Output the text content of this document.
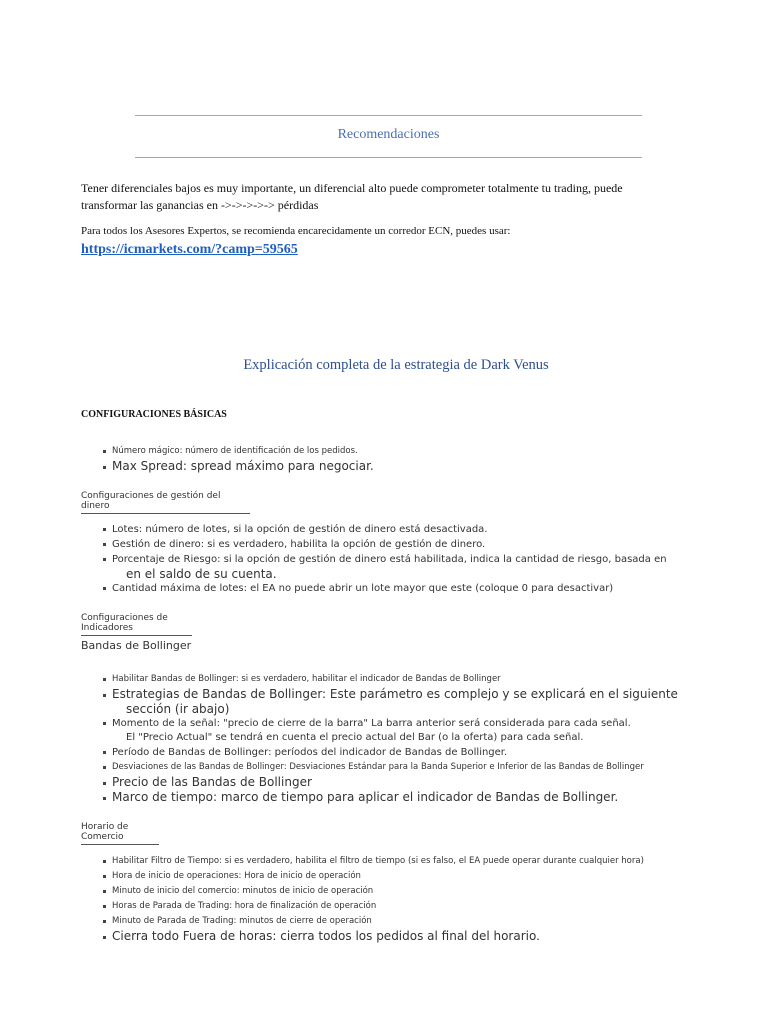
Recomendaciones
Tener diferenciales bajos es muy importante, un diferencial alto puede comprometer totalmente tu trading, puede transformar las ganancias en ->->->->-> pérdidas
Para todos los Asesores Expertos, se recomienda encarecidamente un corredor ECN, puedes usar:
https://icmarkets.com/?camp=59565
Explicación completa de la estrategia de Dark Venus
CONFIGURACIONES BÁSICAS
Número mágico: número de identificación de los pedidos.
Max Spread: spread máximo para negociar.
Configuraciones de gestión del dinero
Lotes: número de lotes, si la opción de gestión de dinero está desactivada.
Gestión de dinero: si es verdadero, habilita la opción de gestión de dinero.
Porcentaje de Riesgo: si la opción de gestión de dinero está habilitada, indica la cantidad de riesgo, basada en
en el saldo de su cuenta.
Cantidad máxima de lotes: el EA no puede abrir un lote mayor que este (coloque 0 para desactivar)
Configuraciones de Indicadores
Bandas de Bollinger
Habilitar Bandas de Bollinger: si es verdadero, habilitar el indicador de Bandas de Bollinger
Estrategias de Bandas de Bollinger: Este parámetro es complejo y se explicará en el siguiente
sección (ir abajo)
Momento de la señal: "precio de cierre de la barra" La barra anterior será considerada para cada señal.
El "Precio Actual" se tendrá en cuenta el precio actual del Bar (o la oferta) para cada señal.
Período de Bandas de Bollinger: períodos del indicador de Bandas de Bollinger.
Desviaciones de las Bandas de Bollinger: Desviaciones Estándar para la Banda Superior e Inferior de las Bandas de Bollinger
Precio de las Bandas de Bollinger
Marco de tiempo: marco de tiempo para aplicar el indicador de Bandas de Bollinger.
Horario de Comercio
Habilitar Filtro de Tiempo: si es verdadero, habilita el filtro de tiempo (si es falso, el EA puede operar durante cualquier hora)
Hora de inicio de operaciones: Hora de inicio de operación
Minuto de inicio del comercio: minutos de inicio de operación
Horas de Parada de Trading: hora de finalización de operación
Minuto de Parada de Trading: minutos de cierre de operación
Cierra todo Fuera de horas: cierra todos los pedidos al final del horario.
